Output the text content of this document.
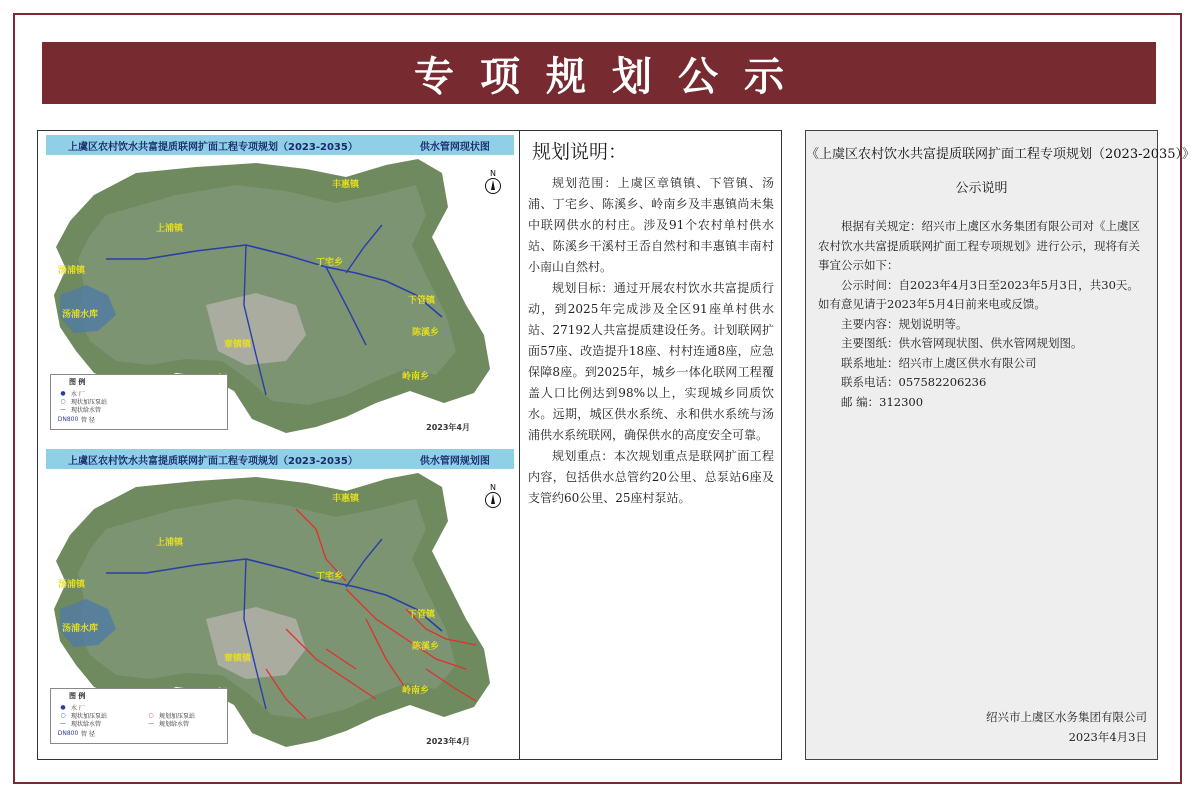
专项规划公示
上虞区农村饮水共富提质联网扩面工程专项规划（2023-2035）	供水管网现状图
丰惠镇
上浦镇
汤浦镇
汤浦水库
丁宅乡
下管镇
章镇镇
陈溪乡
岭南乡
N
图 例
● 水 厂
○ 现状加压泵站
— 现状给水管
DN800 管 径
2023年4月
上虞区农村饮水共富提质联网扩面工程专项规划（2023-2035）	供水管网规划图
丰惠镇
上浦镇
汤浦镇
汤浦水库
丁宅乡
下管镇
章镇镇
陈溪乡
岭南乡
N
图 例
● 水 厂
○ 现状加压泵站
— 现状给水管
DN800 管 径
○ 规划加压泵站
— 规划给水管
2023年4月
规划说明：

规划范围：上虞区章镇镇、下管镇、汤浦、丁宅乡、陈溪乡、岭南乡及丰惠镇尚未集中联网供水的村庄。涉及91个农村单村供水站、陈溪乡干溪村王岙自然村和丰惠镇丰南村小南山自然村。

规划目标：通过开展农村饮水共富提质行动，到2025年完成涉及全区91座单村供水站、27192人共富提质建设任务。计划联网扩面57座、改造提升18座、村村连通8座，应急保障8座。到2025年，城乡一体化联网工程覆盖人口比例达到98%以上，实现城乡同质饮水。远期，城区供水系统、永和供水系统与汤浦供水系统联网，确保供水的高度安全可靠。

规划重点：本次规划重点是联网扩面工程内容，包括供水总管约20公里、总泵站6座及支管约60公里、25座村泵站。

《上虞区农村饮水共富提质联网扩面工程专项规划（2023-2035）》
公示说明

根据有关规定：绍兴市上虞区水务集团有限公司对《上虞区农村饮水共富提质联网扩面工程专项规划》进行公示，现将有关事宜公示如下：

公示时间：自2023年4月3日至2023年5月3日，共30天。如有意见请于2023年5月4日前来电或反馈。

主要内容：规划说明等。

主要图纸：供水管网现状图、供水管网规划图。

联系地址：绍兴市上虞区供水有限公司

联系电话：057582206236

邮 编：312300

绍兴市上虞区水务集团有限公司
2023年4月3日
